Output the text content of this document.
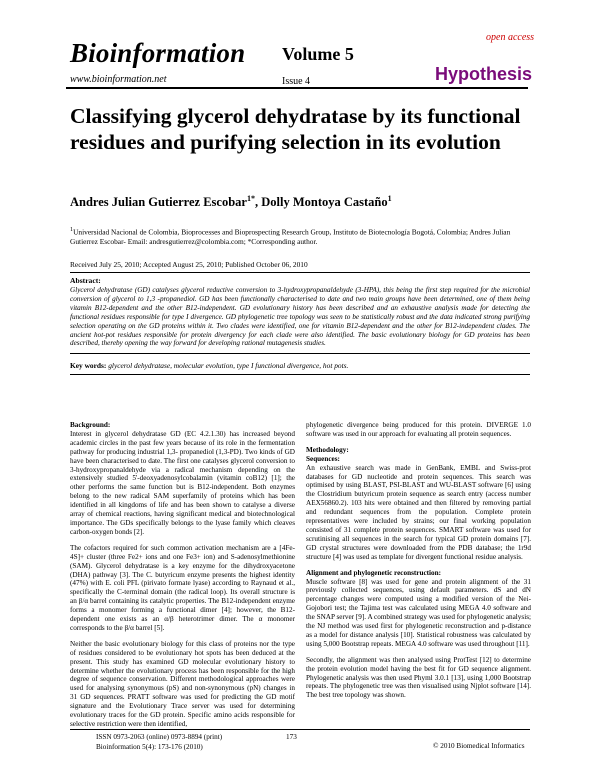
Bioinformation Volume 5
open access
www.bioinformation.net	Issue 4	Hypothesis
Classifying glycerol dehydratase by its functional residues and purifying selection in its evolution
Andres Julian Gutierrez Escobar$^{1*}$, Dolly Montoya Castaño$^1$
$^1$Universidad Nacional de Colombia, Bioprocesses and Bioprospecting Research Group, Instituto de Biotecnología Bogotá, Colombia; Andres Julian Gutierrez Escobar- Email: andresgutierrez@colombia.com; *Corresponding author.
Received July 25, 2010; Accepted August 25, 2010; Published October 06, 2010
Abstract:
Glycerol dehydratase (GD) catalyses glycerol reductive conversion to 3-hydroxypropanaldehyde (3-HPA), this being the first step required for the microbial conversion of glycerol to 1,3 -propanediol. GD has been functionally characterised to date and two main groups have been determined, one of them being vitamin B12-dependent and the other B12-independent. GD evolutionary history has been described and an exhaustive analysis made for detecting the functional residues responsible for type I divergence. GD phylogenetic tree topology was seen to be statistically robust and the data indicated strong purifying selection operating on the GD proteins within it. Two clades were identified, one for vitamin B12-dependent and the other for B12-independent clades. The ancient hot-pot residues responsible for protein divergency for each clade were also identified. The basic evolutionary biology for GD proteins has been described, thereby opening the way forward for developing rational mutagenesis studies.
Key words: glycerol dehydratase, molecular evolution, type I functional divergence, hot pots.

Background:

Interest in glycerol dehydratase GD (EC 4.2.1.30) has increased beyond academic circles in the past few years because of its role in the fermentation pathway for producing industrial 1,3- propanediol (1,3-PD). Two kinds of GD have been characterised to date. The first one catalyses glycerol conversion to 3-hydroxypropanaldehyde via a radical mechanism depending on the extensively studied 5'-deoxyadenosylcobalamin (vitamin coB12) [1]; the other performs the same function but is B12-independent. Both enzymes belong to the new radical SAM superfamily of proteins which has been identified in all kingdoms of life and has been shown to catalyse a diverse array of chemical reactions, having significant medical and biotechnological importance. The GDs specifically belongs to the lyase family which cleaves carbon-oxygen bonds [2].

The cofactors required for such common activation mechanism are a [4Fe-4S]+ cluster (three Fe2+ ions and one Fe3+ ion) and S-adenosylmethionine (SAM). Glycerol dehydratase is a key enzyme for the dihydroxyacetone (DHA) pathway [3]. The C. butyricum enzyme presents the highest identity (47%) with E. coli PFL (pirivato formate lyase) according to Raynaud et al., specifically the C-terminal domain (the radical loop). Its overall structure is an β/α barrel containing its catalytic properties. The B12-independent enzyme forms a monomer forming a functional dimer [4]; however, the B12-dependent one exists as an α/β heterotrimer dimer. The α monomer corresponds to the β/α barrel [5].

Neither the basic evolutionary biology for this class of proteins nor the type of residues considered to be evolutionary hot spots has been deduced at the present. This study has examined GD molecular evolutionary history to determine whether the evolutionary process has been responsible for the high degree of sequence conservation. Different methodological approaches were used for analysing synonymous (pS) and non-synonymous (pN) changes in 31 GD sequences. PRATT software was used for predicting the GD motif signature and the Evolutionary Trace server was used for determining evolutionary traces for the GD protein. Specific amino acids responsible for selective restriction were then identified,

phylogenetic divergence being produced for this protein. DIVERGE 1.0 software was used in our approach for evaluating all protein sequences.

Methodology:

Sequences:

An exhaustive search was made in GenBank, EMBL and Swiss-prot databases for GD nucleotide and protein sequences. This search was optimised by using BLAST, PSI-BLAST and WU-BLAST software [6] using the Clostridium butyricum protein sequence as search entry (access number AEX56860.2). 103 hits were obtained and then filtered by removing partial and redundant sequences from the population. Complete protein representatives were included by strains; our final working population consisted of 31 complete protein sequences. SMART software was used for scrutinising all sequences in the search for typical GD protein domains [7]. GD crystal structures were downloaded from the PDB database; the 1r9d structure [4] was used as template for divergent functional residue analysis.

Alignment and phylogenetic reconstruction:

Muscle software [8] was used for gene and protein alignment of the 31 previously collected sequences, using default parameters. dS and dN percentage changes were computed using a modified version of the Nei-Gojobori test; the Tajima test was calculated using MEGA 4.0 software and the SNAP server [9]. A combined strategy was used for phylogenetic analysis; the NJ method was used first for phylogenetic reconstruction and p-distance as a model for distance analysis [10]. Statistical robustness was calculated by using 5,000 Bootstrap repeats. MEGA 4.0 software was used throughout [11].

Secondly, the alignment was then analysed using ProtTest [12] to determine the protein evolution model having the best fit for GD sequence alignment. Phylogenetic analysis was then used Phyml 3.0.1 [13], using 1,000 Bootstrap repeats. The phylogenetic tree was then visualised using Njplot software [14]. The best tree topology was shown.

ISSN 0973-2063 (online) 0973-8894 (print)
Bioinformation 5(4): 173-176 (2010)
173
© 2010 Biomedical Informatics
